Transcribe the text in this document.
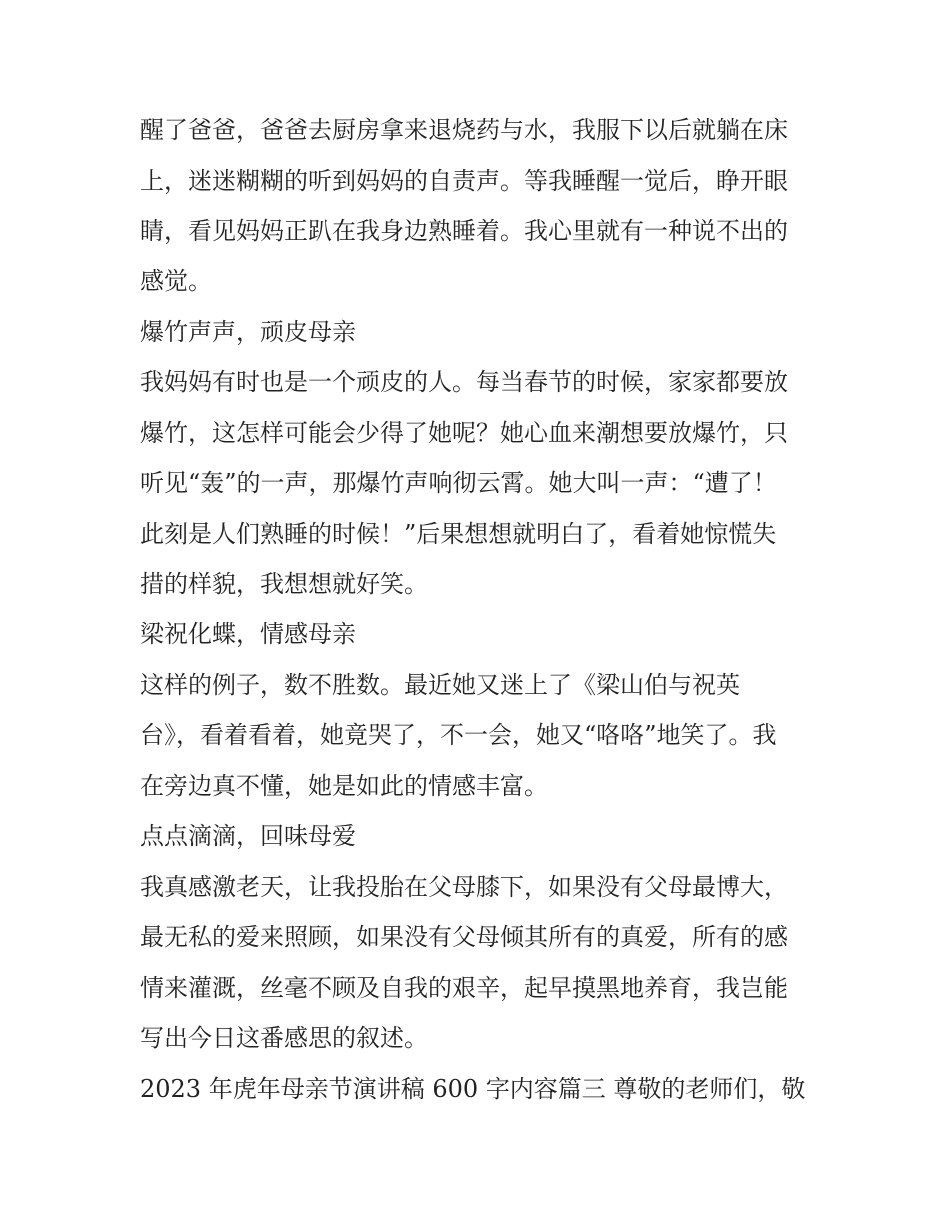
醒了爸爸，爸爸去厨房拿来退烧药与水，我服下以后就躺在床
上，迷迷糊糊的听到妈妈的自责声。等我睡醒一觉后，睁开眼
睛，看见妈妈正趴在我身边熟睡着。我心里就有一种说不出的
感觉。
爆竹声声，顽皮母亲
我妈妈有时也是一个顽皮的人。每当春节的时候，家家都要放
爆竹，这怎样可能会少得了她呢？她心血来潮想要放爆竹，只
听见“轰”的一声，那爆竹声响彻云霄。她大叫一声：“遭了！
此刻是人们熟睡的时候！”后果想想就明白了，看着她惊慌失
措的样貌，我想想就好笑。
梁祝化蝶，情感母亲
这样的例子，数不胜数。最近她又迷上了《梁山伯与祝英
台》，看着看着，她竟哭了，不一会，她又“咯咯”地笑了。我
在旁边真不懂，她是如此的情感丰富。
点点滴滴，回味母爱
我真感激老天，让我投胎在父母膝下，如果没有父母最博大，
最无私的爱来照顾，如果没有父母倾其所有的真爱，所有的感
情来灌溉，丝毫不顾及自我的艰辛，起早摸黑地养育，我岂能
写出今日这番感思的叙述。
2023 年虎年母亲节演讲稿 600 字内容篇三 尊敬的老师们，敬
